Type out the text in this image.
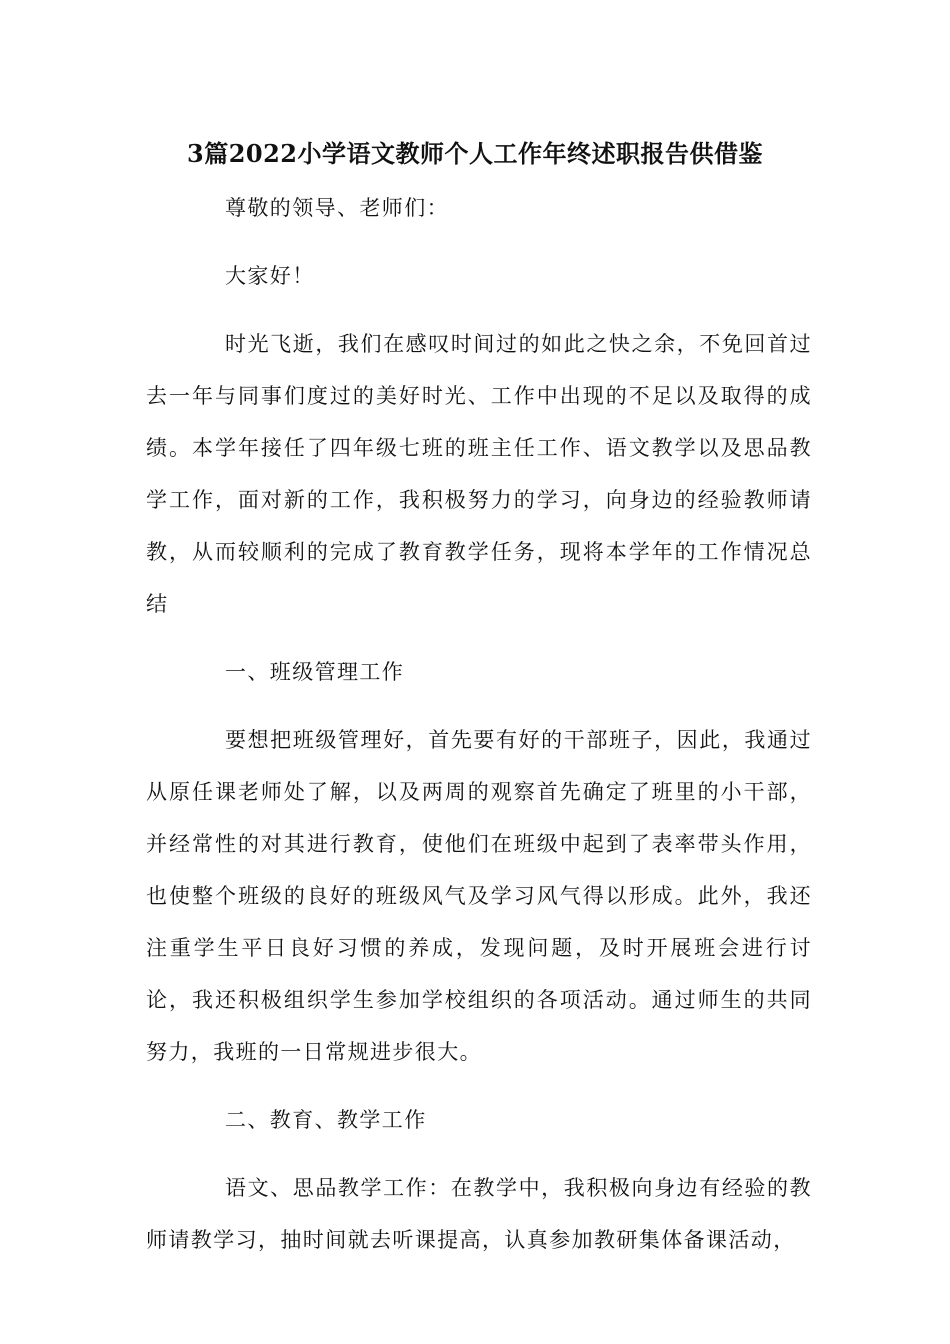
3篇2022小学语文教师个人工作年终述职报告供借鉴

尊敬的领导、老师们：

大家好！

时光飞逝，我们在感叹时间过的如此之快之余，不免回首过去一年与同事们度过的美好时光、工作中出现的不足以及取得的成绩。本学年接任了四年级七班的班主任工作、语文教学以及思品教学工作，面对新的工作，我积极努力的学习，向身边的经验教师请教，从而较顺利的完成了教育教学任务，现将本学年的工作情况总结

一、班级管理工作

要想把班级管理好，首先要有好的干部班子，因此，我通过从原任课老师处了解，以及两周的观察首先确定了班里的小干部，并经常性的对其进行教育，使他们在班级中起到了表率带头作用，也使整个班级的良好的班级风气及学习风气得以形成。此外，我还注重学生平日良好习惯的养成，发现问题，及时开展班会进行讨论，我还积极组织学生参加学校组织的各项活动。通过师生的共同努力，我班的一日常规进步很大。

二、教育、教学工作

语文、思品教学工作：在教学中，我积极向身边有经验的教师请教学习，抽时间就去听课提高，认真参加教研集体备课活动，
